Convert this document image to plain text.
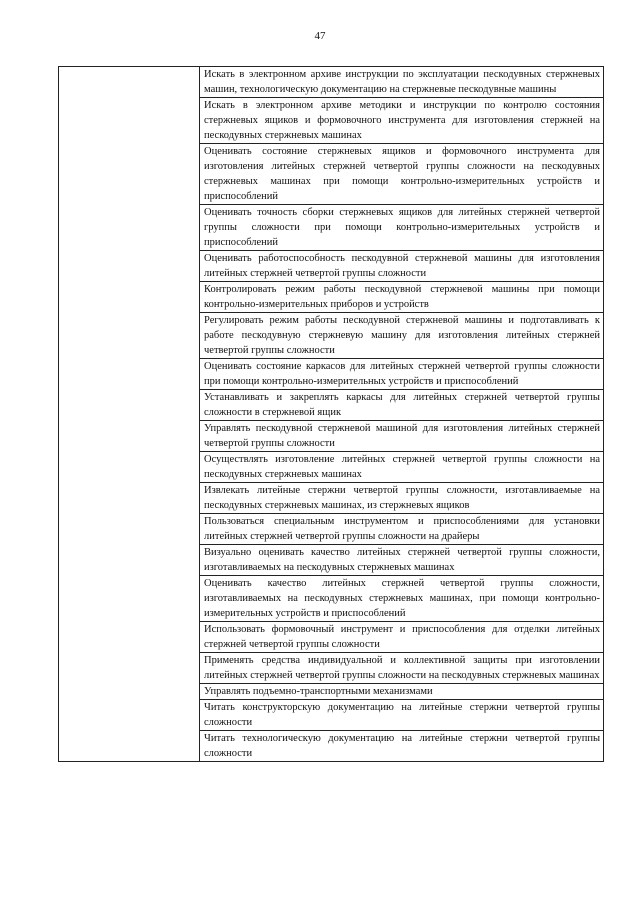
47
	Искать в электронном архиве инструкции по эксплуатации пескодувных стержневых машин, технологическую документацию на стержневые пескодувные машины
Искать в электронном архиве методики и инструкции по контролю состояния стержневых ящиков и формовочного инструмента для изготовления стержней на пескодувных стержневых машинах
Оценивать состояние стержневых ящиков и формовочного инструмента для изготовления литейных стержней четвертой группы сложности на пескодувных стержневых машинах при помощи контрольно-измерительных устройств и приспособлений
Оценивать точность сборки стержневых ящиков для литейных стержней четвертой группы сложности при помощи контрольно-измерительных устройств и приспособлений
Оценивать работоспособность пескодувной стержневой машины для изготовления литейных стержней четвертой группы сложности
Контролировать режим работы пескодувной стержневой машины при помощи контрольно-измерительных приборов и устройств
Регулировать режим работы пескодувной стержневой машины и подготавливать к работе пескодувную стержневую машину для изготовления литейных стержней четвертой группы сложности
Оценивать состояние каркасов для литейных стержней четвертой группы сложности при помощи контрольно-измерительных устройств и приспособлений
Устанавливать и закреплять каркасы для литейных стержней четвертой группы сложности в стержневой ящик
Управлять пескодувной стержневой машиной для изготовления литейных стержней четвертой группы сложности
Осуществлять изготовление литейных стержней четвертой группы сложности на пескодувных стержневых машинах
Извлекать литейные стержни четвертой группы сложности, изготавливаемые на пескодувных стержневых машинах, из стержневых ящиков
Пользоваться специальным инструментом и приспособлениями для установки литейных стержней четвертой группы сложности на драйеры
Визуально оценивать качество литейных стержней четвертой группы сложности, изготавливаемых на пескодувных стержневых машинах
Оценивать качество литейных стержней четвертой группы сложности, изготавливаемых на пескодувных стержневых машинах, при помощи контрольно-измерительных устройств и приспособлений
Использовать формовочный инструмент и приспособления для отделки литейных стержней четвертой группы сложности
Применять средства индивидуальной и коллективной защиты при изготовлении литейных стержней четвертой группы сложности на пескодувных стержневых машинах
Управлять подъемно-транспортными механизмами
Читать конструкторскую документацию на литейные стержни четвертой группы сложности
Читать технологическую документацию на литейные стержни четвертой группы сложности
